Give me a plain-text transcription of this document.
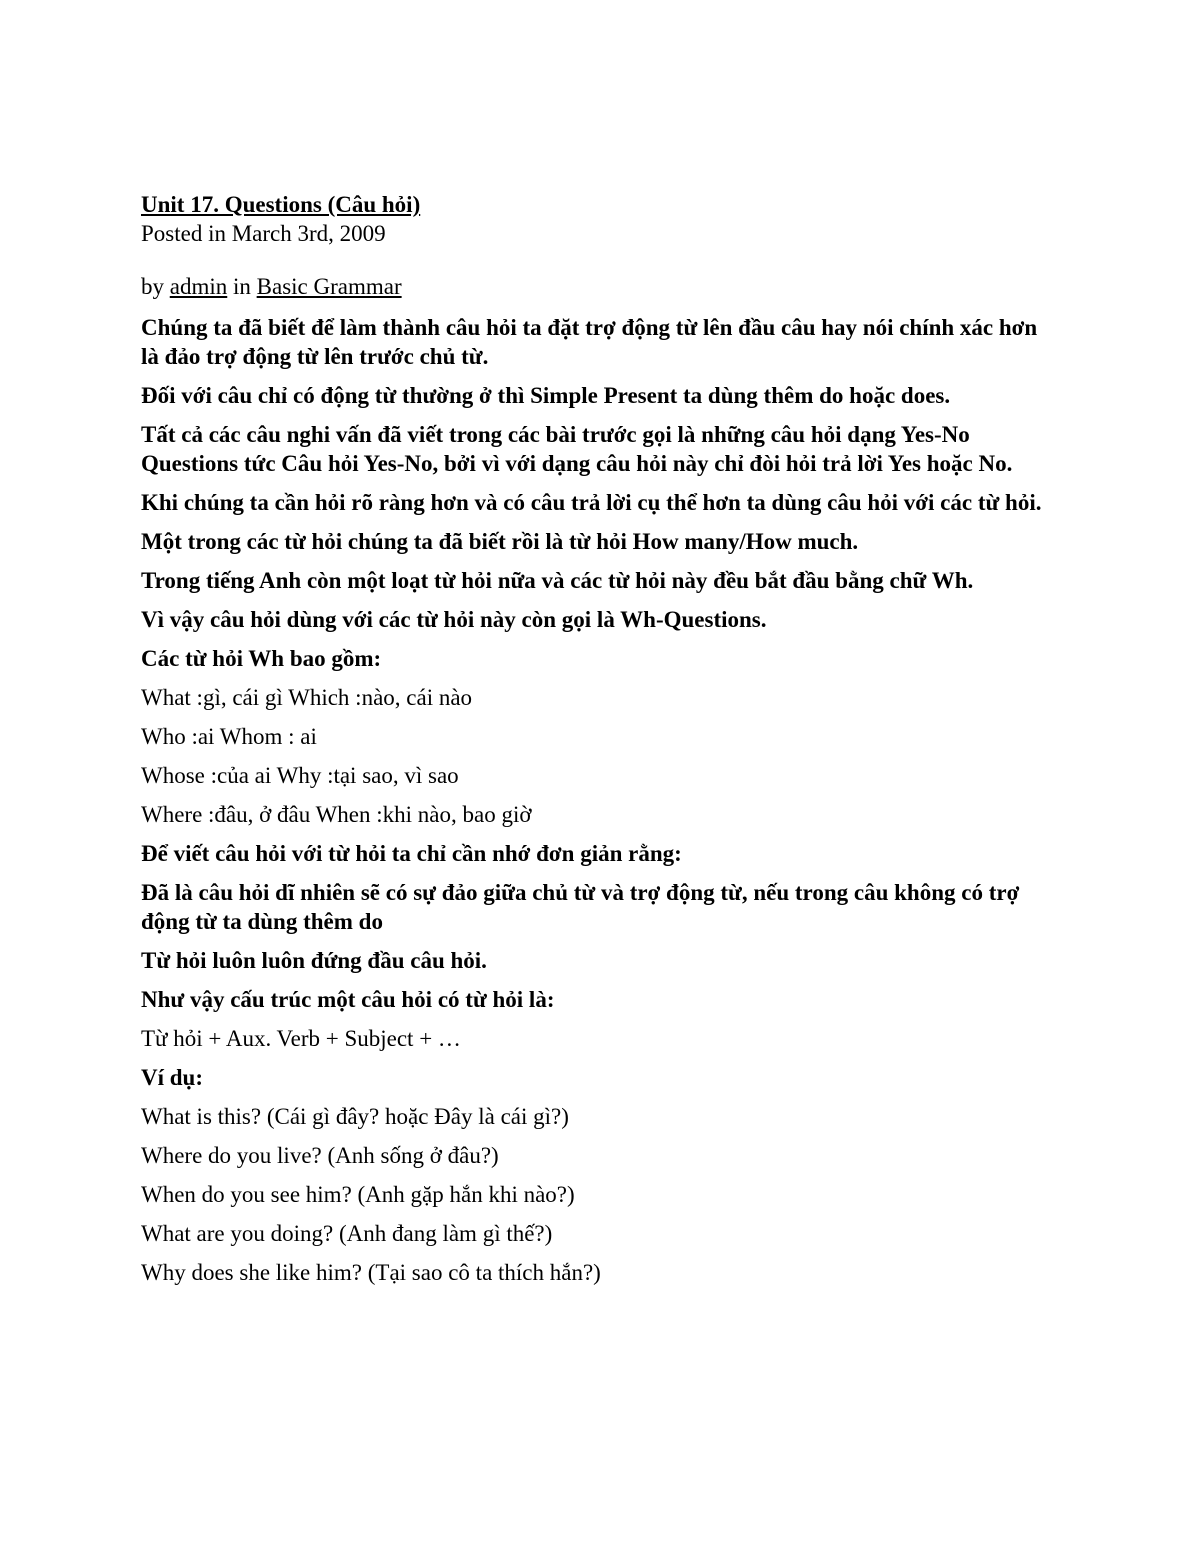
Unit 17. Questions (Câu hỏi)

Posted in March 3rd, 2009

by admin in Basic Grammar

Chúng ta đã biết để làm thành câu hỏi ta đặt trợ động từ lên đầu câu hay nói chính xác hơn là đảo trợ động từ lên trước chủ từ.

Đối với câu chỉ có động từ thường ở thì Simple Present ta dùng thêm do hoặc does.

Tất cả các câu nghi vấn đã viết trong các bài trước gọi là những câu hỏi dạng Yes-No Questions tức Câu hỏi Yes-No, bởi vì với dạng câu hỏi này chỉ đòi hỏi trả lời Yes hoặc No.

Khi chúng ta cần hỏi rõ ràng hơn và có câu trả lời cụ thể hơn ta dùng câu hỏi với các từ hỏi.

Một trong các từ hỏi chúng ta đã biết rồi là từ hỏi How many/How much.

Trong tiếng Anh còn một loạt từ hỏi nữa và các từ hỏi này đều bắt đầu bằng chữ Wh.

Vì vậy câu hỏi dùng với các từ hỏi này còn gọi là Wh-Questions.

Các từ hỏi Wh bao gồm:

What :gì, cái gì Which :nào, cái nào

Who :ai Whom : ai

Whose :của ai Why :tại sao, vì sao

Where :đâu, ở đâu When :khi nào, bao giờ

Để viết câu hỏi với từ hỏi ta chỉ cần nhớ đơn giản rằng:

Đã là câu hỏi dĩ nhiên sẽ có sự đảo giữa chủ từ và trợ động từ, nếu trong câu không có trợ động từ ta dùng thêm do

Từ hỏi luôn luôn đứng đầu câu hỏi.

Như vậy cấu trúc một câu hỏi có từ hỏi là:

Từ hỏi + Aux. Verb + Subject + …

Ví dụ:

What is this? (Cái gì đây? hoặc Đây là cái gì?)

Where do you live? (Anh sống ở đâu?)

When do you see him? (Anh gặp hắn khi nào?)

What are you doing? (Anh đang làm gì thế?)

Why does she like him? (Tại sao cô ta thích hắn?)
